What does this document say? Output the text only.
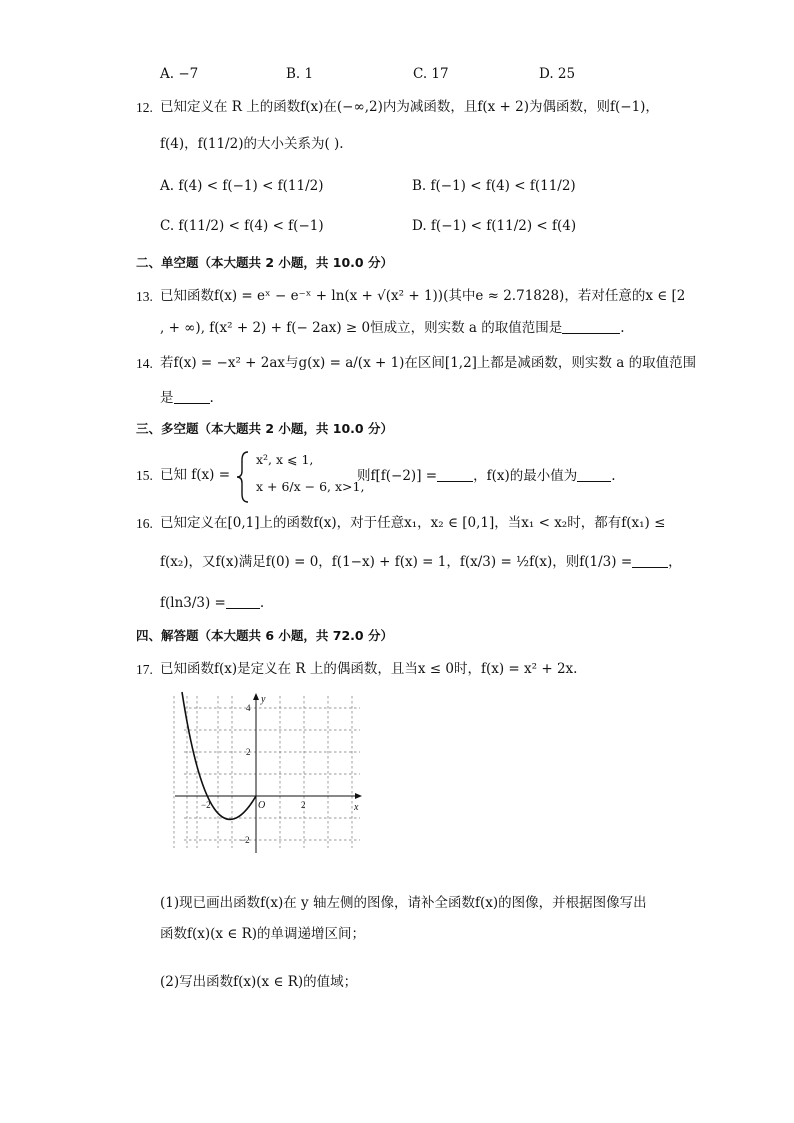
A. −7	B. 1	C. 17	D. 25
12. 已知定义在 R 上的函数f(x)在(−∞,2)内为减函数，且f(x + 2)为偶函数，则f(−1)，
f(4)，f(11/2)的大小关系为( ).
A. f(4) < f(−1) < f(11/2)	B. f(−1) < f(4) < f(11/2)
C. f(11/2) < f(4) < f(−1)	D. f(−1) < f(11/2) < f(4)
二、单空题（本大题共 2 小题，共 10.0 分）
13. 已知函数f(x) = eˣ − e⁻ˣ + ln(x + √(x² + 1))(其中e ≈ 2.71828)，若对任意的x ∈ [2
, + ∞), f(x² + 2) + f(− 2ax) ≥ 0恒成立，则实数 a 的取值范围是	.
14. 若f(x) = −x² + 2ax与g(x) = a/(x + 1)在区间[1,2]上都是减函数，则实数 a 的取值范围
是	.
三、多空题（本大题共 2 小题，共 10.0 分）
15. 已知 f(x) =
x², x ⩽ 1,
x + 6/x − 6, x>1,
则f[f(−2)] =	，f(x)的最小值为	.
16. 已知定义在[0,1]上的函数f(x)，对于任意x₁，x₂ ∈ [0,1]，当x₁ < x₂时，都有f(x₁) ≤
f(x₂)，又f(x)满足f(0) = 0，f(1−x) + f(x) = 1，f(x/3) = ½f(x)，则f(1/3) =	，
f(ln3/3) =	.
四、解答题（本大题共 6 小题，共 72.0 分）
17. 已知函数f(x)是定义在 R 上的偶函数，且当x ≤ 0时，f(x) = x² + 2x.
y
x
O
4
2
−2
−2	2
(1)现已画出函数f(x)在 y 轴左侧的图像，请补全函数f(x)的图像，并根据图像写出
函数f(x)(x ∈ R)的单调递增区间；
(2)写出函数f(x)(x ∈ R)的值域；
